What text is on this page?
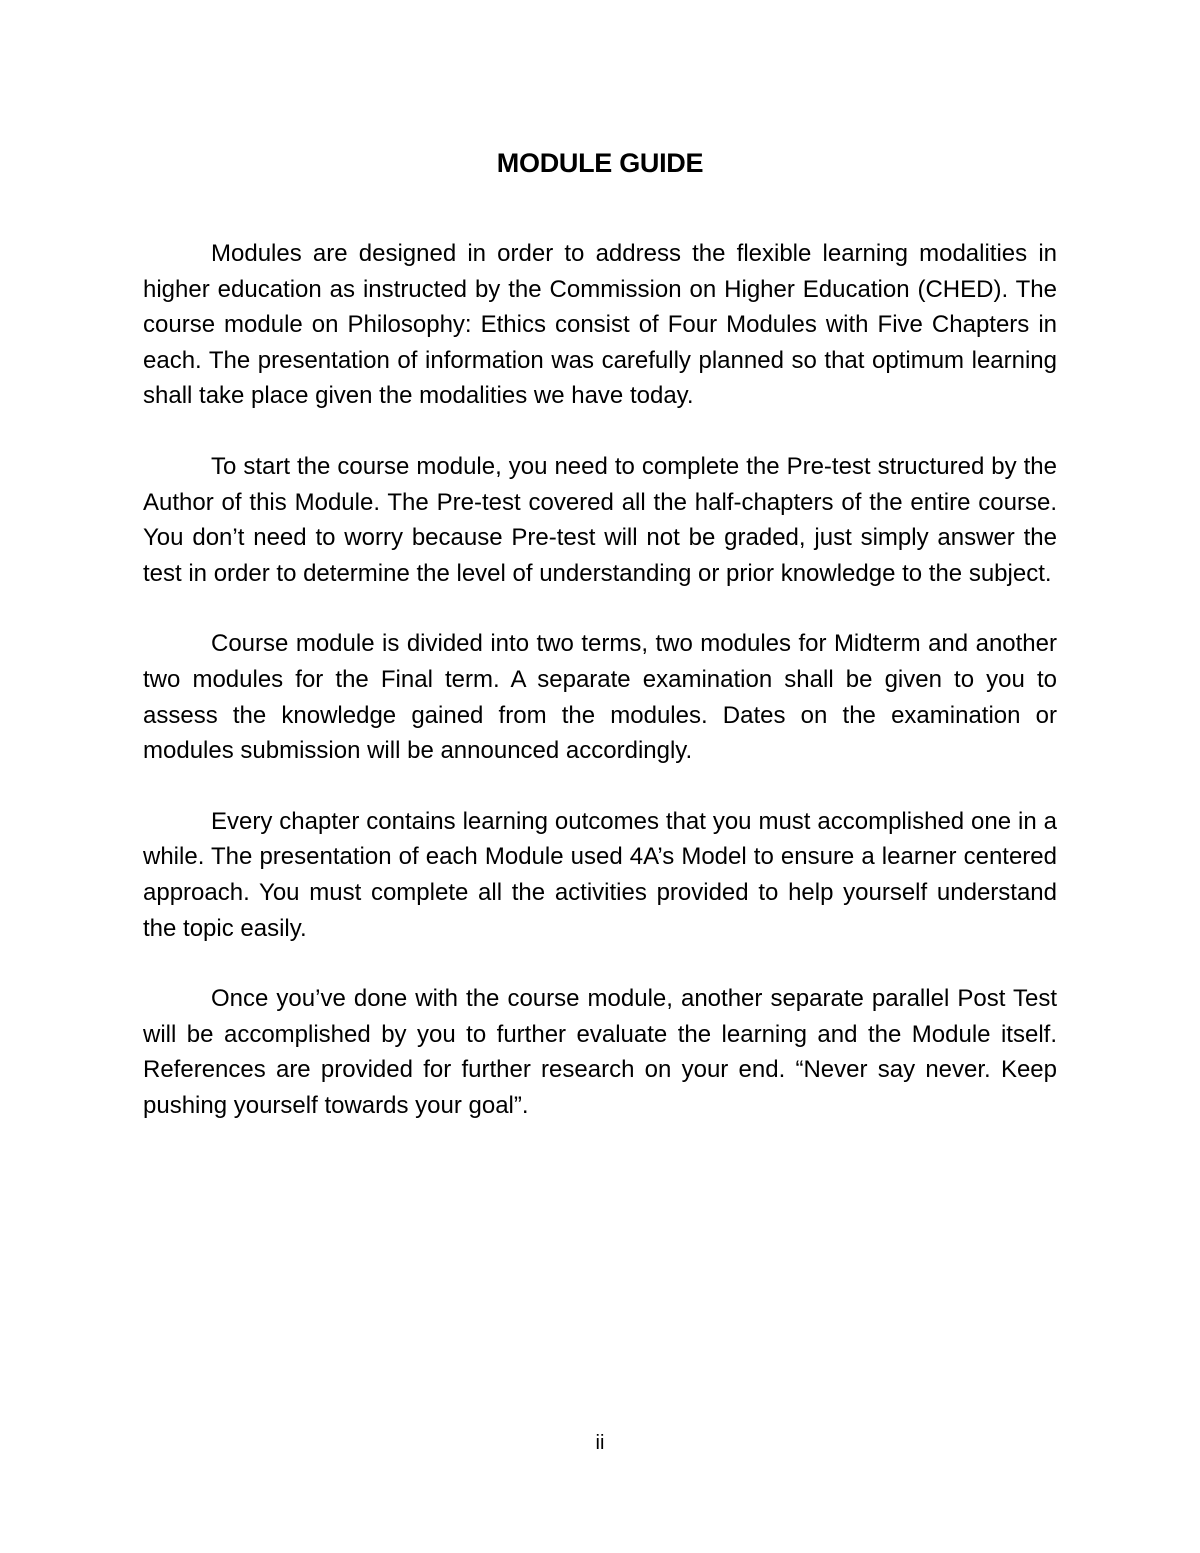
MODULE GUIDE

Modules are designed in order to address the flexible learning modalities in higher education as instructed by the Commission on Higher Education (CHED). The course module on Philosophy: Ethics consist of Four Modules with Five Chapters in each. The presentation of information was carefully planned so that optimum learning shall take place given the modalities we have today.

To start the course module, you need to complete the Pre-test structured by the Author of this Module. The Pre-test covered all the half-chapters of the entire course. You don’t need to worry because Pre-test will not be graded, just simply answer the test in order to determine the level of understanding or prior knowledge to the subject.

Course module is divided into two terms, two modules for Midterm and another two modules for the Final term. A separate examination shall be given to you to assess the knowledge gained from the modules. Dates on the examination or modules submission will be announced accordingly.

Every chapter contains learning outcomes that you must accomplished one in a while. The presentation of each Module used 4A’s Model to ensure a learner centered approach. You must complete all the activities provided to help yourself understand the topic easily.

Once you’ve done with the course module, another separate parallel Post Test will be accomplished by you to further evaluate the learning and the Module itself. References are provided for further research on your end. “Never say never. Keep pushing yourself towards your goal”.

ii
